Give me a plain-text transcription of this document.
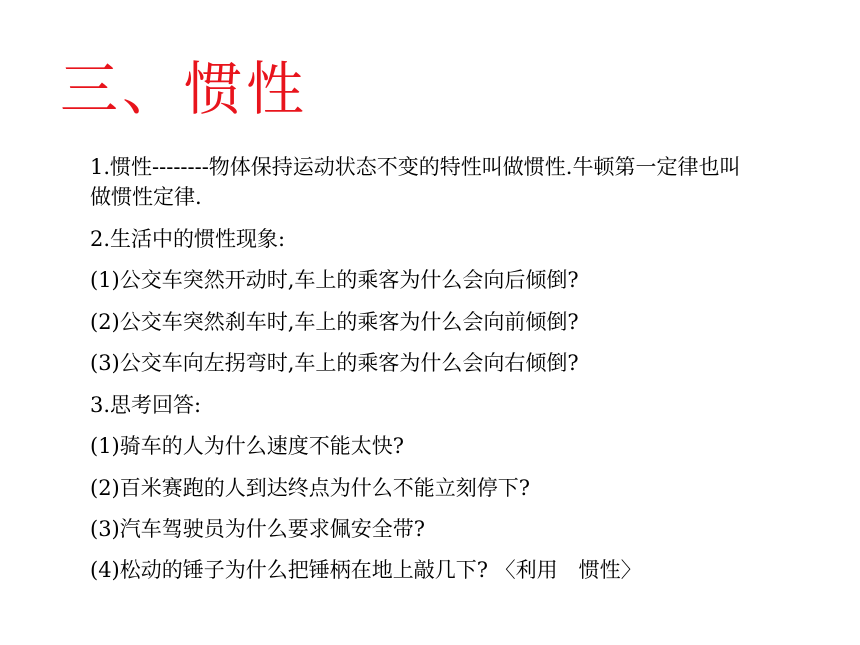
三、惯性

1.惯性--------物体保持运动状态不变的特性叫做惯性.牛顿第一定律也叫做惯性定律.

2.生活中的惯性现象:

(1)公交车突然开动时,车上的乘客为什么会向后倾倒?

(2)公交车突然刹车时,车上的乘客为什么会向前倾倒?

(3)公交车向左拐弯时,车上的乘客为什么会向右倾倒?

3.思考回答:

(1)骑车的人为什么速度不能太快?

(2)百米赛跑的人到达终点为什么不能立刻停下?

(3)汽车驾驶员为什么要求佩安全带?

(4)松动的锤子为什么把锤柄在地上敲几下? 〈利用　惯性〉
